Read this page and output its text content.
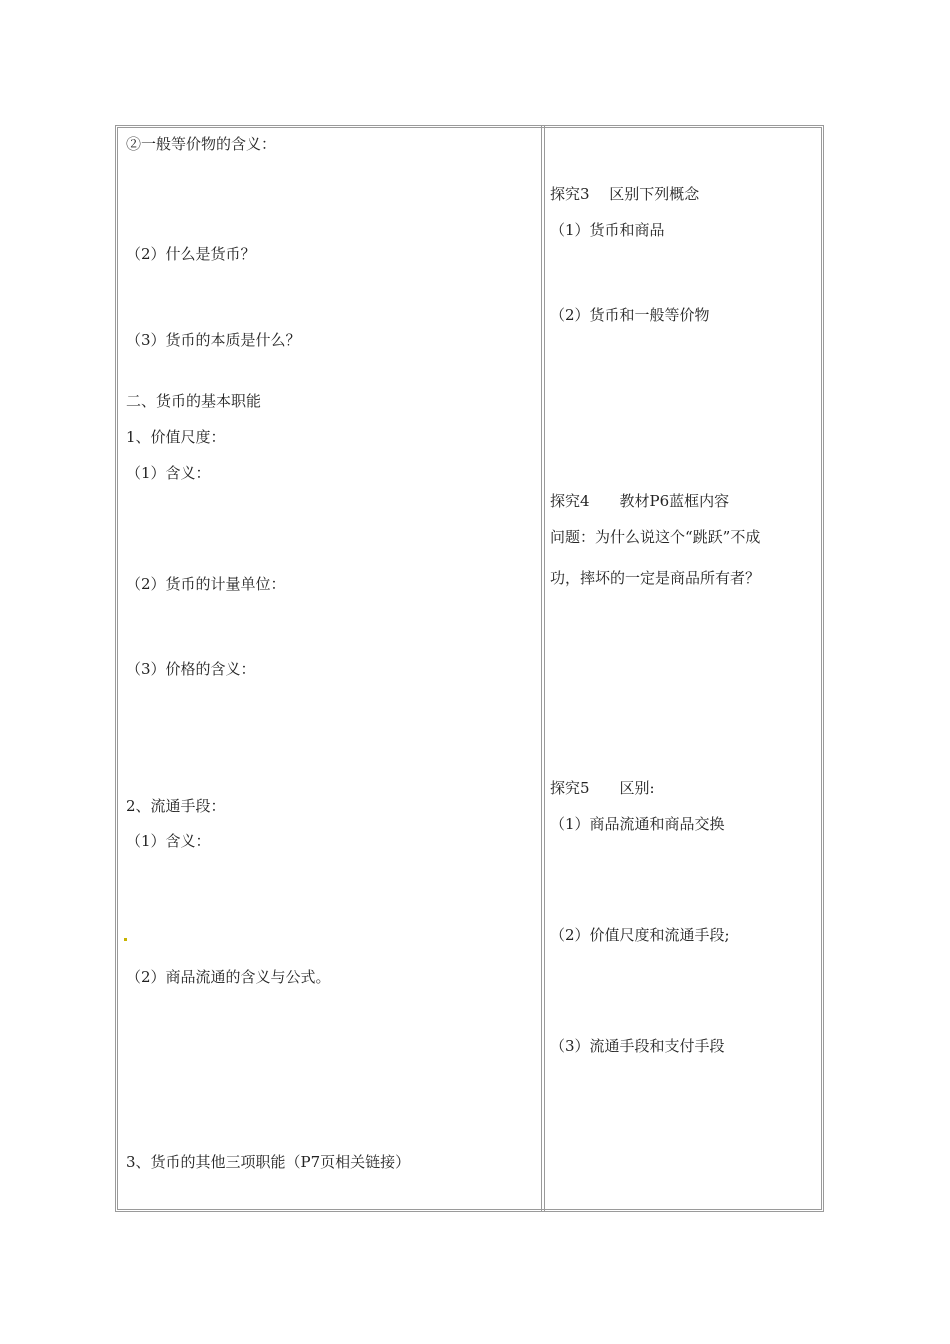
②一般等价物的含义：
（2）什么是货币？
（3）货币的本质是什么？
二、货币的基本职能
1、价值尺度：
（1）含义：
（2）货币的计量单位：
（3）价格的含义：
2、流通手段：
（1）含义：
（2）商品流通的含义与公式。
3、货币的其他三项职能（P7页相关链接）
探究3　 区别下列概念
（1）货币和商品
（2）货币和一般等价物
探究4　　教材P6蓝框内容
问题：为什么说这个“跳跃”不成
功，摔坏的一定是商品所有者？
探究5　　区别:
（1）商品流通和商品交换
（2）价值尺度和流通手段;
（3）流通手段和支付手段
